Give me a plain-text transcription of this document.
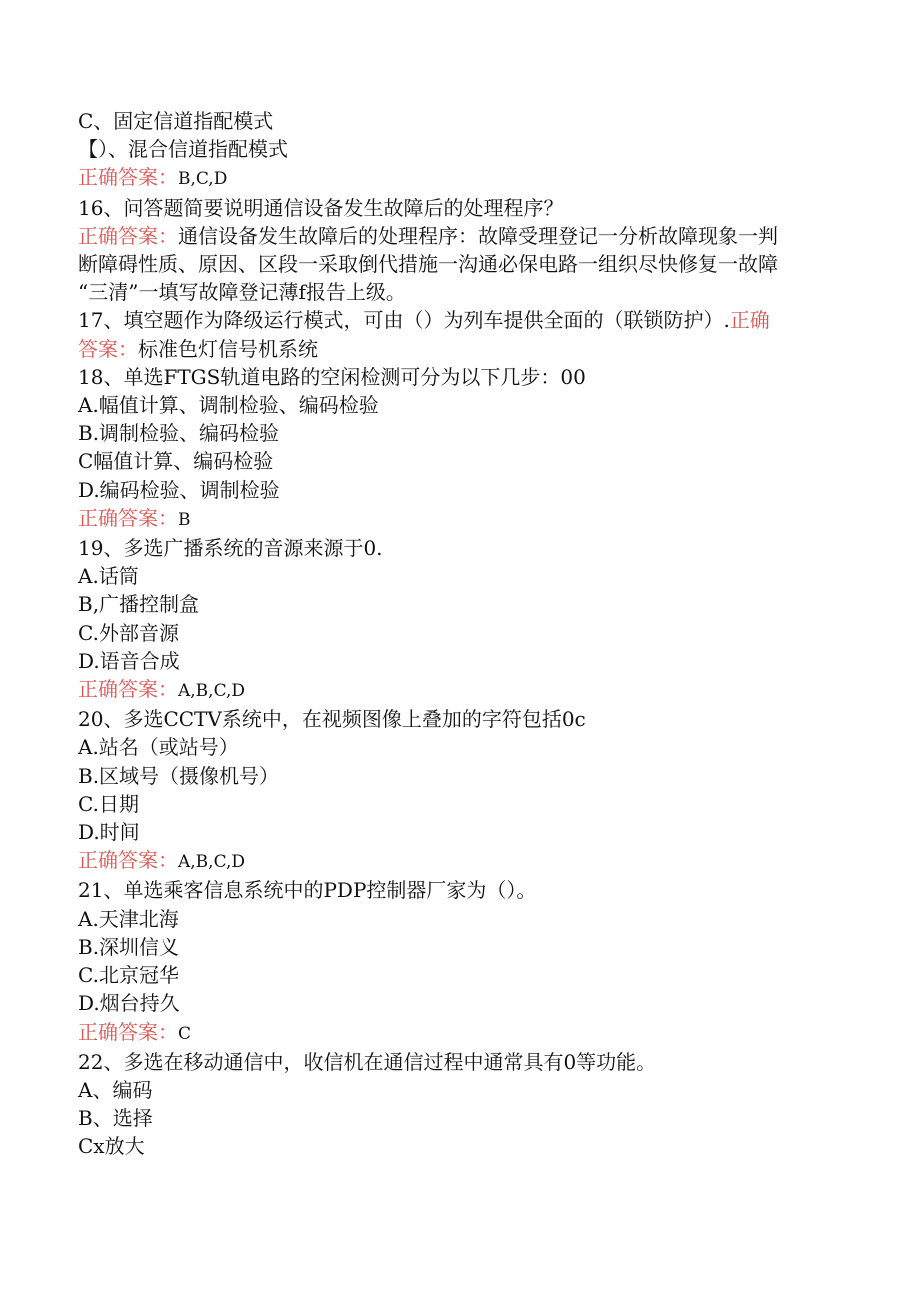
C、固定信道指配模式

【）、混合信道指配模式

正确答案：B,C,D

16、问答题简要说明通信设备发生故障后的处理程序？

正确答案：通信设备发生故障后的处理程序：故障受理登记一分析故障现象一判

断障碍性质、原因、区段一采取倒代措施一沟通必保电路一组织尽快修复一故障

“三清”一填写故障登记薄f报告上级。

17、填空题作为降级运行模式，可由（）为列车提供全面的（联锁防护）.正确

答案：标准色灯信号机系统

18、单选FTGS轨道电路的空闲检测可分为以下几步：00

A.幅值计算、调制检验、编码检验

B.调制检验、编码检验

C幅值计算、编码检验

D.编码检验、调制检验

正确答案：B

19、多选广播系统的音源来源于0.

A.话筒

B,广播控制盒

C.外部音源

D.语音合成

正确答案：A,B,C,D

20、多选CCTV系统中，在视频图像上叠加的字符包括0c

A.站名（或站号）

B.区域号（摄像机号）

C.日期

D.时间

正确答案：A,B,C,D

21、单选乘客信息系统中的PDP控制器厂家为（）。

A.天津北海

B.深圳信义

C.北京冠华

D.烟台持久

正确答案：C

22、多选在移动通信中，收信机在通信过程中通常具有0等功能。

A、编码

B、选择

Cx放大
